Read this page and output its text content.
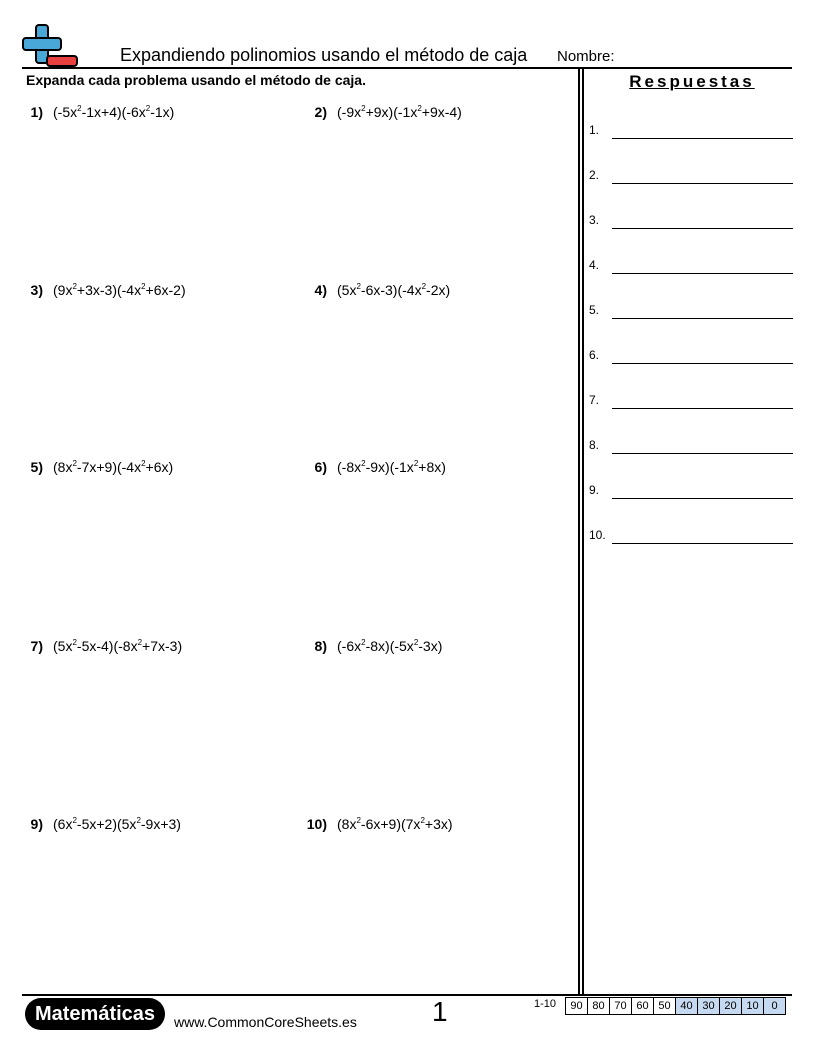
Expandiendo polinomios usando el método de caja Nombre:
Expanda cada problema usando el método de caja.	Respuestas
1) $(-5x^2-1x+4)(-6x^2-1x)$	2) $(-9x^2+9x)(-1x^2+9x-4)$
3) $(9x^2+3x-3)(-4x^2+6x-2)$	4) $(5x^2-6x-3)(-4x^2-2x)$
5) $(8x^2-7x+9)(-4x^2+6x)$	6) $(-8x^2-9x)(-1x^2+8x)$
7) $(5x^2-5x-4)(-8x^2+7x-3)$	8) $(-6x^2-8x)(-5x^2-3x)$
9) $(6x^2-5x+2)(5x^2-9x+3)$	10) $(8x^2-6x+9)(7x^2+3x)$
1.
2.
3.
4.
5.
6.
7.
8.
9.
10.
Matemáticas	www.CommonCoreSheets.es	1	1-10 90	80	70	60	50	40	30	20	10	0
